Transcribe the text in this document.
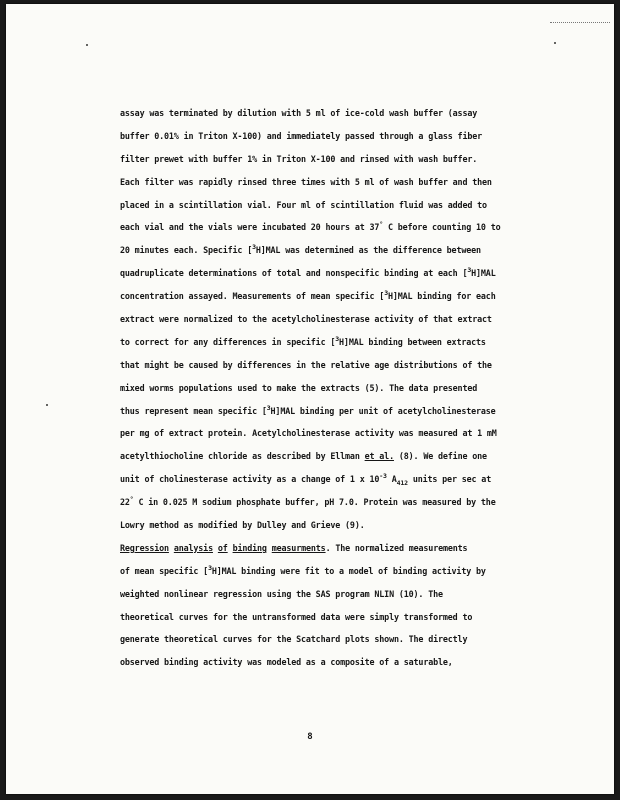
assay was terminated by dilution with 5 ml of ice-cold wash buffer (assay
buffer 0.01% in Triton X-100) and immediately passed through a glass fiber
filter prewet with buffer 1% in Triton X-100 and rinsed with wash buffer.
Each filter was rapidly rinsed three times with 5 ml of wash buffer and then
placed in a scintillation vial. Four ml of scintillation fluid was added to
each vial and the vials were incubated 20 hours at 37° C before counting 10 to
20 minutes each. Specific [$^3$H]MAL was determined as the difference between
quadruplicate determinations of total and nonspecific binding at each [$^3$H]MAL
concentration assayed. Measurements of mean specific [$^3$H]MAL binding for each
extract were normalized to the acetylcholinesterase activity of that extract
to correct for any differences in specific [$^3$H]MAL binding between extracts
that might be caused by differences in the relative age distributions of the
mixed worms populations used to make the extracts (5). The data presented
thus represent mean specific [$^3$H]MAL binding per unit of acetylcholinesterase
per mg of extract protein. Acetylcholinesterase activity was measured at 1 mM
acetylthiocholine chloride as described by Ellman et al. (8). We define one
unit of cholinesterase activity as a change of 1 x $10^{-3}$ $A_{412}$ units per sec at
22° C in 0.025 M sodium phosphate buffer, pH 7.0. Protein was measured by the
Lowry method as modified by Dulley and Grieve (9).
Regression analysis of binding measurments. The normalized measurements
of mean specific [$^3$H]MAL binding were fit to a model of binding activity by
weighted nonlinear regression using the SAS program NLIN (10). The
theoretical curves for the untransformed data were simply transformed to
generate theoretical curves for the Scatchard plots shown. The directly
observed binding activity was modeled as a composite of a saturable,
8
